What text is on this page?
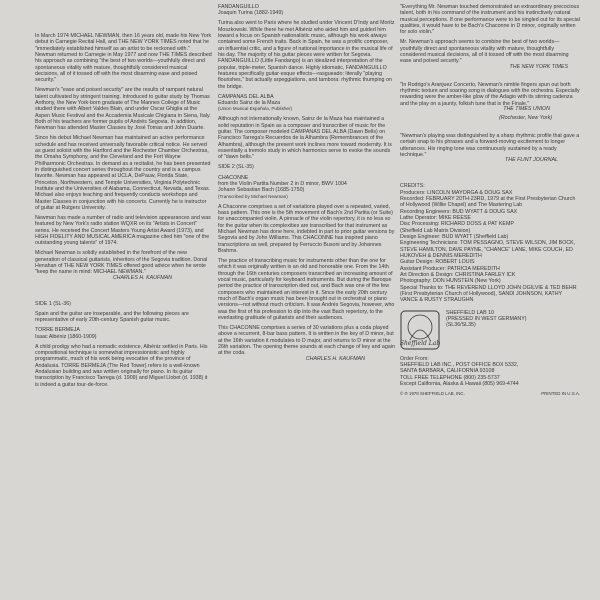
In March 1974 MICHAEL NEWMAN, then 16 years old, made his New York debut in Carnegie Recital Hall, and THE NEW YORK TIMES noted that he "immediately established himself as an artist to be reckoned with." Newman returned to Carnegie in May 1977 and now THE TIMES described his approach as combining "the best of two worlds—youthfully direct and spontaneous vitality with mature, thoughtfully considered musical decisions, all of it tossed off with the most disarming ease and poised security."

Newman's "ease and poised security" are the results of rampant natural talent cultivated by stringent training. Introduced to guitar study by Thomas Anthony, the New York-born graduate of The Mannes College of Music studied there with Albert Valdes Blain, and under Oscar Ghiglia at the Aspen Music Festival and the Accademia Musicale Chigiana in Siena, Italy. Both of his teachers are former pupils of Andrés Segovia. In addition, Newman has attended Master Classes by José Tomas and John Duarte.

Since his debut Michael Newman has maintained an active performance schedule and has received universally favorable critical notice. He served as guest soloist with the Hartford and the Rochester Chamber Orchestras, the Omaha Symphony, and the Cleveland and the Fort Wayne Philharmonic Orchestras. In demand as a recitalist, he has been presented in distinguished concert series throughout the country and is a campus favorite. Newman has appeared at UCLA, DePauw, Florida State, Princeton, Northwestern, and Temple Universities, Virginia Polytechnic Institute and the Universities of Alabama, Connecticut, Nevada, and Texas. Michael also enjoys teaching and frequently conducts workshops and Master Classes in conjunction with his concerts. Currently he is instructor of guitar at Rutgers University.

Newman has made a number of radio and television appearances and was featured by New York's radio station WQXR on its "Artists in Concert" series. He received the Concert Masters Young Artist Award (1973), and HIGH FIDELITY AND MUSICAL AMERICA magazine cited him "one of the outstanding young talents" of 1974.

Michael Newman is solidly established in the forefront of the new generation of classical guitarists, inheritors of the Segovia tradition. Donal Henahan of THE NEW YORK TIMES offered good advice when he wrote "keep the name in mind: MICHAEL NEWMAN."

CHARLES H. KAUFMAN

SIDE 1 (SL-36)

Spain and the guitar are inseparable, and the following pieces are representative of early 20th-century Spanish guitar music.

TORRE BERMEJA

Isaac Albéniz (1860-1909)

A child prodigy who had a nomadic existence, Albéniz settled in Paris. His compositional technique is somewhat impressionistic and highly programmatic, much of his work being evocative of the province of Andalusia. TORRE BERMEJA (The Red Tower) refers to a well-known Andalusian building and was written originally for piano. In its guitar transcription by Francisco Tarrega (d. 1909) and Miguel Llobet (d. 1938) it is indeed a guitar tour-de-force.

FANDANGUILLO

Joaquin Turina (1882-1949)

Turina also went to Paris where he studied under Vincent D'Indy and Moritz Moszkowski. While there he met Albéniz who aided him and guided him toward a focus on Spanish nationalistic music, although his work always contained some French traits. Back in Spain, he was a prolific composer, an influential critic, and a figure of national importance in the musical life of his day. The majority of his guitar pieces were written for Segovia. FANDANGUILLO (Little Fandango) is an idealized interpretation of the popular, triple-meter, Spanish dance. Highly idiomatic, FANDANGUILLO features specifically guitar-esque effects—rasgueado: literally "playing flourishes," but actually arpeggiations, and tambora: rhythmic thumping on the bridge.

CAMPANAS DEL ALBA

Eduardo Sainz de la Maza

(Union Musical Española, Publisher)

Although not internationally known, Sainz de la Maza has maintained a solid reputation in Spain as a composer and transcriber of music for the guitar. The composer modeled CAMPANAS DEL ALBA (Dawn Bells) on Francisco Tarrega's Recuerdos de la Alhambra (Remembrances of the Alhambra), although the present work inclines more toward modernity. It is essentially a tremolo study in which harmonics serve to evoke the sounds of "dawn bells."

SIDE 2 (SL-35)

CHACONNE

from the Violin Partita Number 2 in D minor, BWV 1004

Johann Sebastian Bach (1685-1750)

(Transcribed by Michael Newman)

A Chaconne comprises a set of variations played over a repeated, varied, bass pattern. This one is the 5th movement of Bach's 2nd Partita (or Suite) for unaccompanied violin. A pinnacle of the violin repertory, it is no less so for the guitar when its complexities are transcribed for that instrument as Michael Newman has done here, indebted in part to prior guitar versions by Segovia and by John Williams. This CHACONNE has inspired piano transcriptions as well, prepared by Ferruccio Busoni and by Johannes Brahms.

The practice of transcribing music for instruments other than the one for which it was originally written is an old and honorable one. From the 14th through the 16th centuries composers transcribed an increasing amount of vocal music, particularly for keyboard instruments. But during the Baroque period the practice of transcription died out, and Bach was one of the few composers who maintained an interest in it. Since the early 20th century much of Bach's organ music has been brought out in orchestral or piano versions—not without much criticism. It was Andrés Segovia, however, who was the first of his profession to dip into the vast Bach repertory, to the everlasting gratitude of guitarists and their audiences.

This CHACONNE comprises a series of 30 variations plus a coda played above a recurrent, 8-bar bass pattern. It is written in the key of D minor, but at the 16th variation it modulates to D major, and returns to D minor at the 26th variation. The opening theme sounds at each change of key and again at the coda.

CHARLES H. KAUFMAN

"Everything Mr. Newman touched demonstrated an extraordinary precocious talent, both in his command of the instrument and his instinctively natural musical perceptions. If one performance were to be singled out for its special qualities, it would have to be Bach's Chaconne in D minor, originally written for solo violin."

Mr. Newman's approach seems to combine the best of two worlds—youthfully direct and spontaneous vitality with mature, thoughtfully considered musical decisions, all of it tossed off with the most disarming ease and poised security."

THE NEW YORK TIMES

"In Rodrigo's Aranjuez Concerto, Newman's nimble fingers spun out both rhythmic texture and soaring song in dialogues with the orchestra. Especially rewarding were the amber-like glow of the Adagio with its stirring cadenza and the play on a jaunty, folkish tune that is the Finale."

THE TIMES UNION

(Rochester, New York)

"Newman's playing was distinguished by a sharp rhythmic profile that gave a certain snap to his phrases and a forward-moving excitement to longer utterances. His ringing tone was continuously sustained by a ready technique."

THE FLINT JOURNAL

CREDITS:

Producers: LINCOLN MAYORGA & DOUG SAX

Recorded: FEBRUARY 20TH-23RD, 1979 at the First Presbyterian Church of Hollywood (Willie Chapel) and The Mastering Lab

Recording Engineers: BUD WYATT & DOUG SAX

Lathe Operator: MIKE REESE

Disc Processing: RICHARD DOSS & PAT KEMP

(Sheffield Lab Matrix Division)

Design Engineer: BUD WYATT (Sheffield Lab)

Engineering Technicians: TOM PESSAGNO, STEVE WILSON, JIM BOCK, STEVE HAMILTON, DAVE PAYNE, "CHANCE" LANE, MIKE COUCH, ED HUKOVEH & DENNIS MEREDITH

Guitar Design: ROBERT LOUIS

Assistant Producer: PATRICIA MEREDITH

Art Direction & Design: CHRISTINA FARLEY ICK

Photography: DON HUNSTEIN (New York)

Special Thanks to: THE REVEREND LLOYD JOHN OGILVIE & TED BEHR (First Presbyterian Church of Hollywood), SANDI JOHNSON, KATHY VANCE & RUSTY STRAUGHN

Sheffield Lab

SHEFFIELD LAB 10

(PRESSED IN WEST GERMANY)

(SL36/SL35)

Order From:

SHEFFIELD LAB INC., POST OFFICE BOX 5332,

SANTA BARBARA, CALIFORNIA 93108

TOLL FREE TELEPHONE (800) 235-5737

Except California, Alaska & Hawaii (805) 969-4744

© ℗ 1979 SHEFFIELD LAB, INC.	PRINTED IN U.S.A.
